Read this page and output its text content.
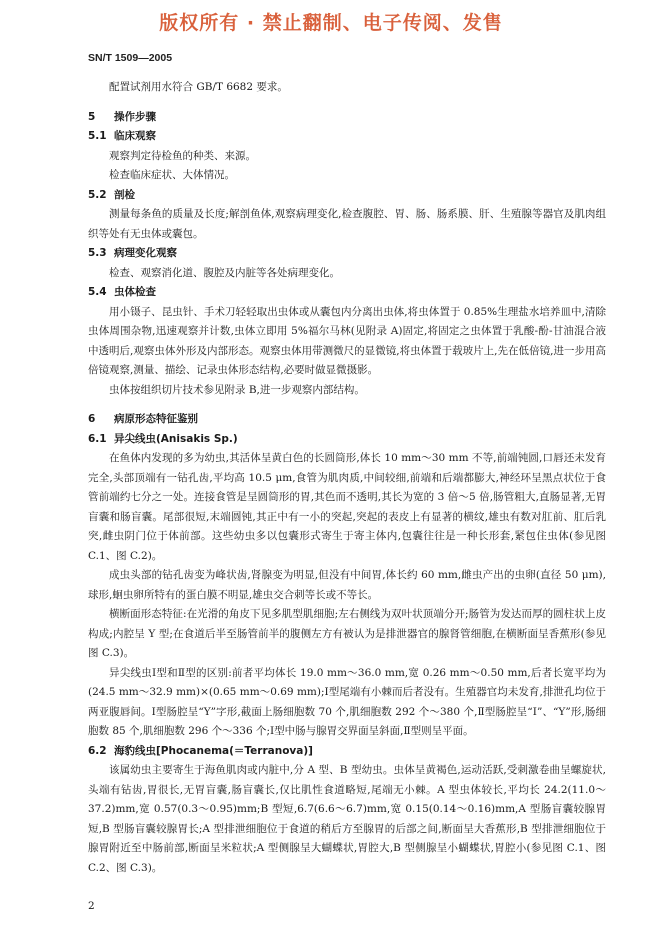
版权所有 · 禁止翻制、电子传阅、发售
SN/T 1509—2005
配置试剂用水符合 GB/T 6682 要求。
5 操作步骤
5.1 临床观察
观察判定待检鱼的种类、来源。
检查临床症状、大体情况。
5.2 剖检
测量每条鱼的质量及长度;解剖鱼体,观察病理变化,检查腹腔、胃、肠、肠系膜、肝、生殖腺等器官及肌肉组织等处有无虫体或囊包。
5.3 病理变化观察
检查、观察消化道、腹腔及内脏等各处病理变化。
5.4 虫体检查
用小镊子、昆虫针、手术刀轻轻取出虫体或从囊包内分离出虫体,将虫体置于 0.85%生理盐水培养皿中,清除虫体周围杂物,迅速观察并计数,虫体立即用 5%福尔马林(见附录 A)固定,将固定之虫体置于乳酸-酚-甘油混合液中透明后,观察虫体外形及内部形态。观察虫体用带测微尺的显微镜,将虫体置于载玻片上,先在低倍镜,进一步用高倍镜观察,测量、描绘、记录虫体形态结构,必要时做显微摄影。
虫体按组织切片技术参见附录 B,进一步观察内部结构。
6 病原形态特征鉴别
6.1 异尖线虫(Anisakis Sp.)
在鱼体内发现的多为幼虫,其活体呈黄白色的长圆筒形,体长 10 mm～30 mm 不等,前端钝圆,口唇还未发育完全,头部顶端有一钻孔齿,平均高 10.5 μm,食管为肌肉质,中间较细,前端和后端都膨大,神经环呈黑点状位于食管前端约七分之一处。连接食管是呈圆筒形的胃,其色而不透明,其长为宽的 3 倍～5 倍,肠管粗大,直肠显著,无胃盲囊和肠盲囊。尾部很短,末端圆钝,其正中有一小的突起,突起的表皮上有显著的横纹,雄虫有数对肛前、肛后乳突,雌虫阴门位于体前部。这些幼虫多以包囊形式寄生于寄主体内,包囊往往是一种长形套,紧包住虫体(参见图 C.1、图 C.2)。
成虫头部的钻孔齿变为峰状齿,肾腺变为明显,但没有中间胃,体长约 60 mm,雌虫产出的虫卵(直径 50 μm),球形,蛔虫卵所特有的蛋白膜不明显,雄虫交合刺等长或不等长。
横断面形态特征:在光滑的角皮下见多肌型肌细胞;左右侧线为双叶状顶端分开;肠管为发达而厚的圆柱状上皮构成;内腔呈 Y 型;在食道后半至肠管前半的腹侧左方有被认为是排泄器官的腺肾管细胞,在横断面呈香蕉形(参见图 C.3)。
异尖线虫Ⅰ型和Ⅱ型的区别:前者平均体长 19.0 mm～36.0 mm,宽 0.26 mm～0.50 mm,后者长宽平均为(24.5 mm～32.9 mm)×(0.65 mm～0.69 mm);Ⅰ型尾端有小棘而后者没有。生殖器官均未发育,排泄孔均位于两亚腹唇间。Ⅰ型肠腔呈“Y”字形,截面上肠细胞数 70 个,肌细胞数 292 个～380 个,Ⅱ型肠腔呈“Ⅰ”、“Y”形,肠细胞数 85 个,肌细胞数 296 个～336 个;Ⅰ型中肠与腺胃交界面呈斜面,Ⅱ型则呈平面。
6.2 海豹线虫[Phocanema(＝Terranova)]
该属幼虫主要寄生于海鱼肌肉或内脏中,分 A 型、B 型幼虫。虫体呈黄褐色,运动活跃,受刺激卷曲呈螺旋状,头端有钻齿,胃很长,无胃盲囊,肠盲囊长,仅比肌性食道略短,尾端无小棘。A 型虫体较长,平均长 24.2(11.0～37.2)mm,宽 0.57(0.3～0.95)mm;B 型短,6.7(6.6～6.7)mm,宽 0.15(0.14～0.16)mm,A 型肠盲囊较腺胃短,B 型肠盲囊较腺胃长;A 型排泄细胞位于食道的稍后方至腺胃的后部之间,断面呈大香蕉形,B 型排泄细胞位于腺胃附近至中肠前部,断面呈米粒状;A 型侧腺呈大蝴蝶状,胃腔大,B 型侧腺呈小蝴蝶状,胃腔小(参见图 C.1、图 C.2、图 C.3)。
2
